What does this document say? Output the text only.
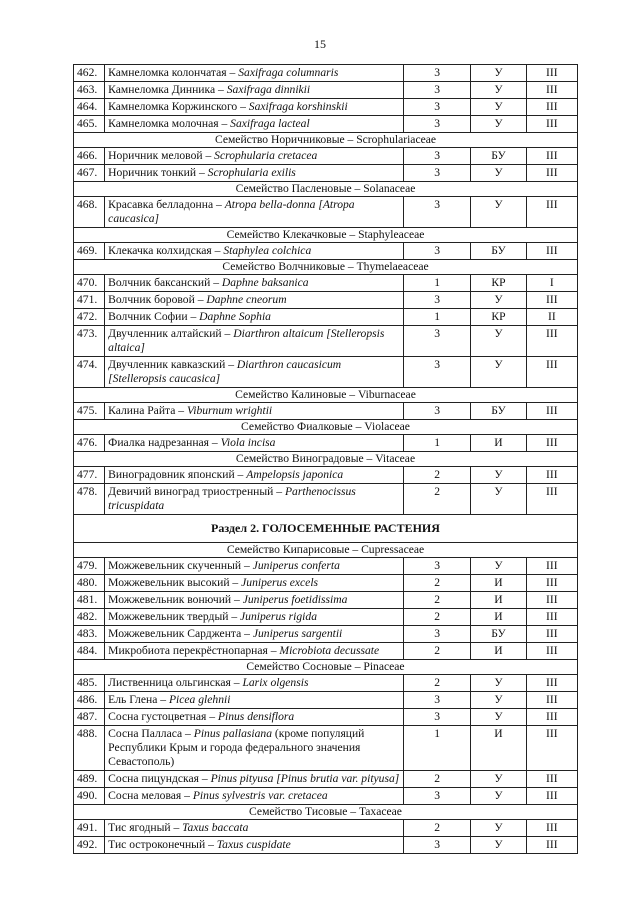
15
462.	Камнеломка колончатая – Saxifraga columnaris	3	У	III
463.	Камнеломка Динника – Saxifraga dinnikii	3	У	III
464.	Камнеломка Коржинского – Saxifraga korshinskii	3	У	III
465.	Камнеломка молочная – Saxifraga lacteal	3	У	III
Семейство Норичниковые – Scrophulariaceae				
466.	Норичник меловой – Scrophularia cretacea	3	БУ	III
467.	Норичник тонкий – Scrophularia exilis	3	У	III
Семейство Пасленовые – Solanaceae				
468.	Красавка белладонна – Atropa bella-donna [Atropa caucasica]	3	У	III
Семейство Клекачковые – Staphyleaceae				
469.	Клекачка колхидская – Staphylea colchica	3	БУ	III
Семейство Волчниковые – Thymelaeaceae				
470.	Волчник баксанский – Daphne baksanica	1	КР	I
471.	Волчник боровой – Daphne cneorum	3	У	III
472.	Волчник Софии – Daphne Sophia	1	КР	II
473.	Двучленник алтайский – Diarthron altaicum [Stelleropsis altaica]	3	У	III
474.	Двучленник кавказский – Diarthron caucasicum [Stelleropsis caucasica]	3	У	III
Семейство Калиновые – Viburnaceae				
475.	Калина Райта – Viburnum wrightii	3	БУ	III
Семейство Фиалковые – Violaceae				
476.	Фиалка надрезанная – Viola incisa	1	И	III
Семейство Виноградовые – Vitaceae				
477.	Виноградовник японский – Ampelopsis japonica	2	У	III
478.	Девичий виноград триостренный – Parthenocissus tricuspidata	2	У	III
Раздел 2. ГОЛОСЕМЕННЫЕ РАСТЕНИЯ				
Семейство Кипарисовые – Cupressaceae				
479.	Можжевельник скученный – Juniperus conferta	3	У	III
480.	Можжевельник высокий – Juniperus excels	2	И	III
481.	Можжевельник вонючий – Juniperus foetidissima	2	И	III
482.	Можжевельник твердый – Juniperus rigida	2	И	III
483.	Можжевельник Сарджента – Juniperus sargentii	3	БУ	III
484.	Микробиота перекрёстнопарная – Microbiota decussate	2	И	III
Семейство Сосновые – Pinaceae				
485.	Лиственница ольгинская – Larix olgensis	2	У	III
486.	Ель Глена – Picea glehnii	3	У	III
487.	Сосна густоцветная – Pinus densiflora	3	У	III
488.	Сосна Палласа – Pinus pallasiana (кроме популяций Республики Крым и города федерального значения Севастополь)	1	И	III
489.	Сосна пицундская – Pinus pityusa [Pinus brutia var. pityusa]	2	У	III
490.	Сосна меловая – Pinus sylvestris var. cretacea	3	У	III
Семейство Тисовые – Taxaceae				
491.	Тис ягодный – Taxus baccata	2	У	III
492.	Тис остроконечный – Taxus cuspidate	3	У	III
